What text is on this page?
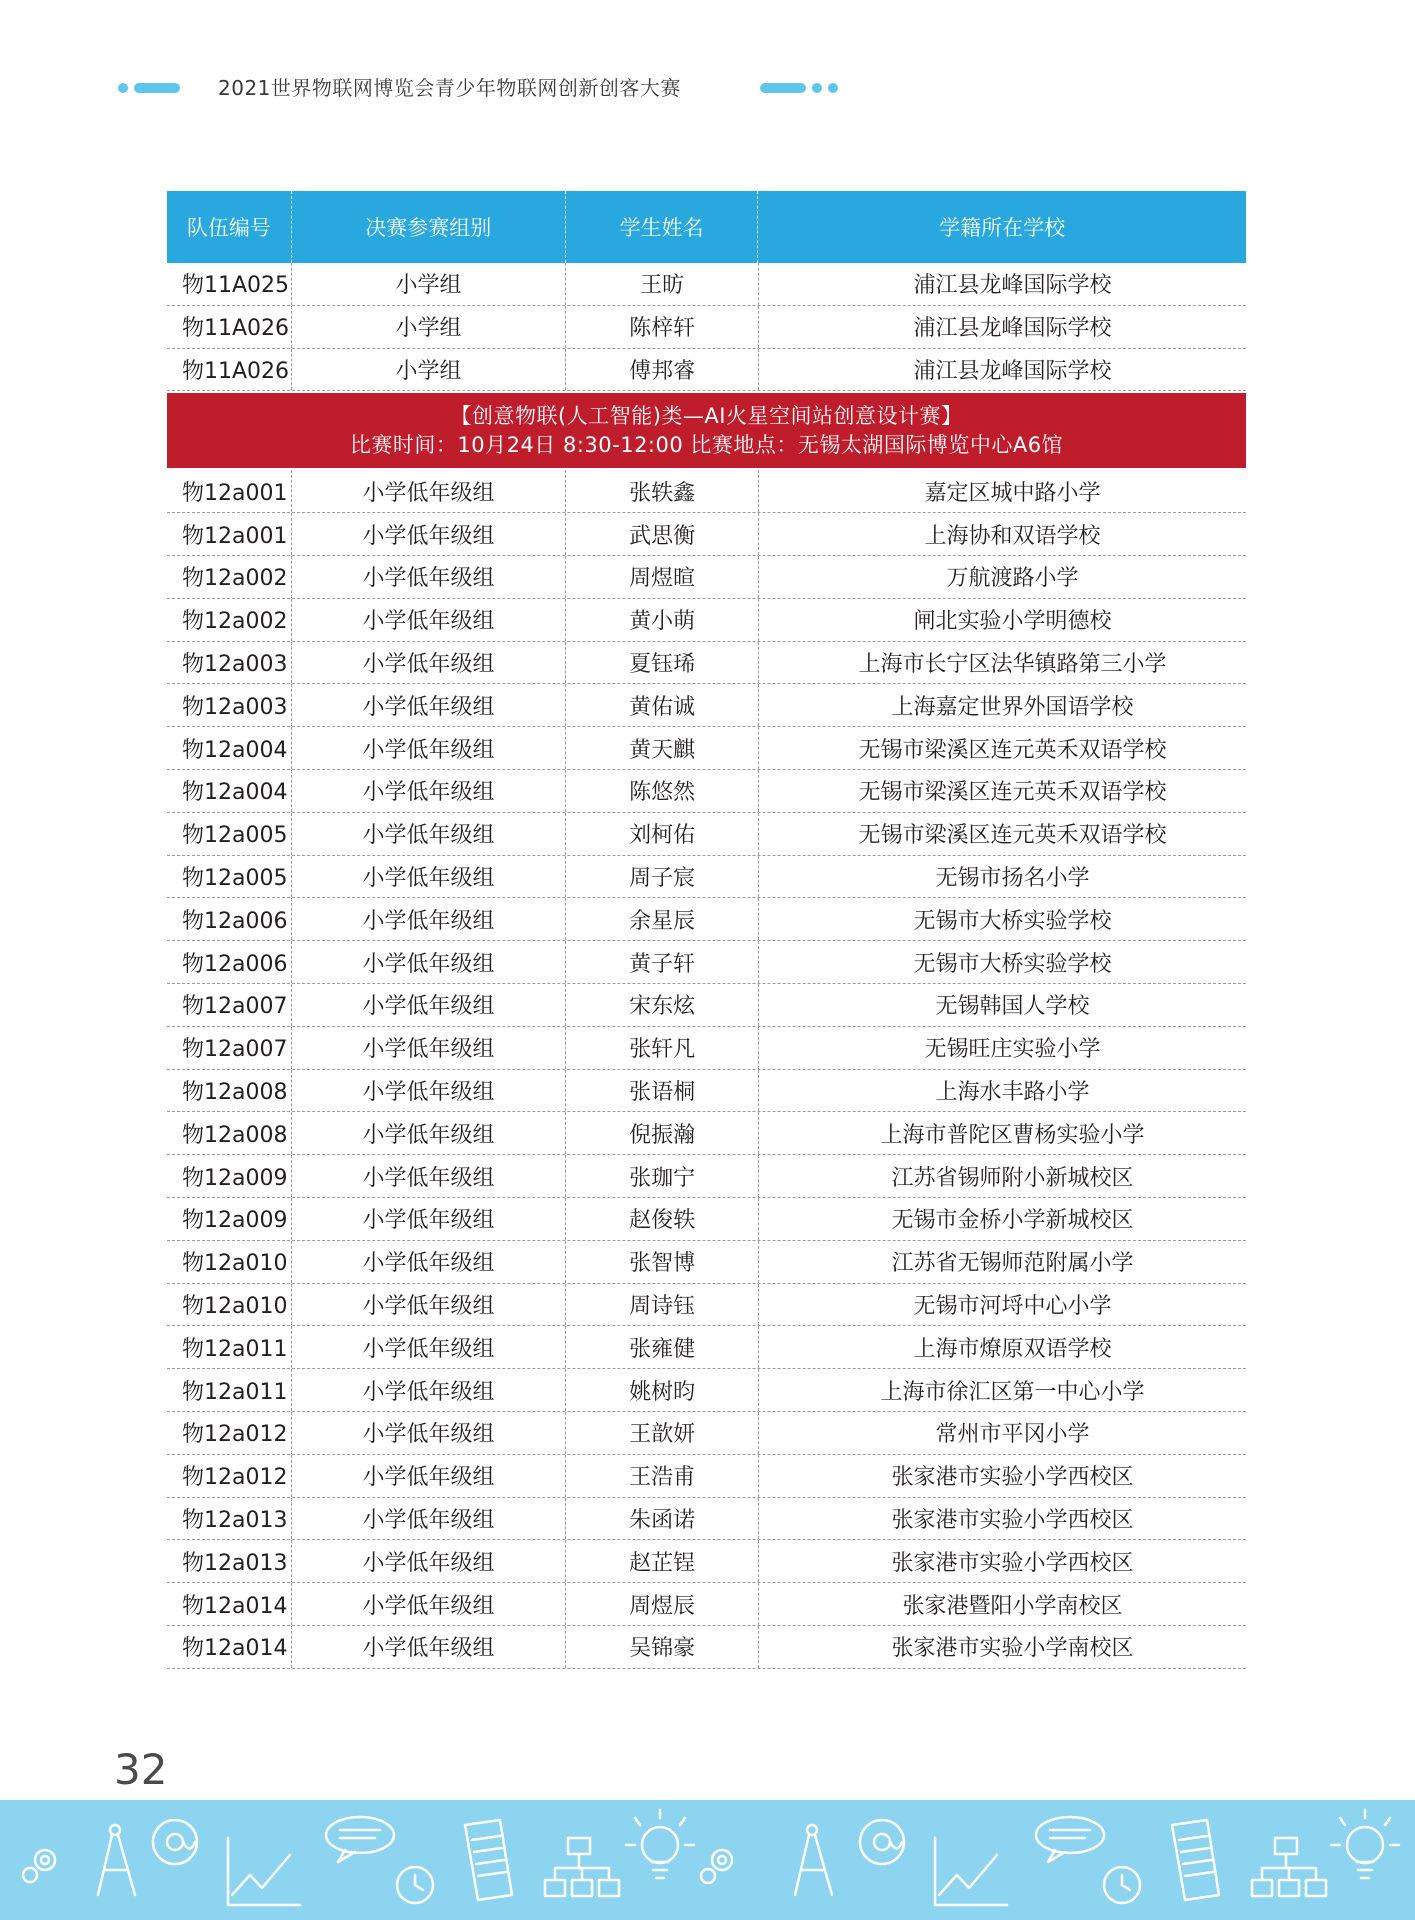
2021世界物联网博览会青少年物联网创新创客大赛
队伍编号	决赛参赛组别	学生姓名	学籍所在学校
物11A025	小学组	王昉	浦江县龙峰国际学校
物11A026	小学组	陈梓轩	浦江县龙峰国际学校
物11A026	小学组	傅邦睿	浦江县龙峰国际学校
【创意物联(人工智能)类—AI火星空间站创意设计赛】
比赛时间：10月24日 8:30-12:00 比赛地点：无锡太湖国际博览中心A6馆
物12a001	小学低年级组	张轶鑫	嘉定区城中路小学
物12a001	小学低年级组	武思衡	上海协和双语学校
物12a002	小学低年级组	周煜暄	万航渡路小学
物12a002	小学低年级组	黄小萌	闸北实验小学明德校
物12a003	小学低年级组	夏钰琋	上海市长宁区法华镇路第三小学
物12a003	小学低年级组	黄佑诚	上海嘉定世界外国语学校
物12a004	小学低年级组	黄天麒	无锡市梁溪区连元英禾双语学校
物12a004	小学低年级组	陈悠然	无锡市梁溪区连元英禾双语学校
物12a005	小学低年级组	刘柯佑	无锡市梁溪区连元英禾双语学校
物12a005	小学低年级组	周子宸	无锡市扬名小学
物12a006	小学低年级组	余星辰	无锡市大桥实验学校
物12a006	小学低年级组	黄子轩	无锡市大桥实验学校
物12a007	小学低年级组	宋东炫	无锡韩国人学校
物12a007	小学低年级组	张轩凡	无锡旺庄实验小学
物12a008	小学低年级组	张语桐	上海水丰路小学
物12a008	小学低年级组	倪振瀚	上海市普陀区曹杨实验小学
物12a009	小学低年级组	张珈宁	江苏省锡师附小新城校区
物12a009	小学低年级组	赵俊轶	无锡市金桥小学新城校区
物12a010	小学低年级组	张智博	江苏省无锡师范附属小学
物12a010	小学低年级组	周诗钰	无锡市河埒中心小学
物12a011	小学低年级组	张雍健	上海市燎原双语学校
物12a011	小学低年级组	姚树昀	上海市徐汇区第一中心小学
物12a012	小学低年级组	王歆妍	常州市平冈小学
物12a012	小学低年级组	王浩甫	张家港市实验小学西校区
物12a013	小学低年级组	朱函诺	张家港市实验小学西校区
物12a013	小学低年级组	赵芷锃	张家港市实验小学西校区
物12a014	小学低年级组	周煜辰	张家港暨阳小学南校区
物12a014	小学低年级组	吴锦豪	张家港市实验小学南校区
32
